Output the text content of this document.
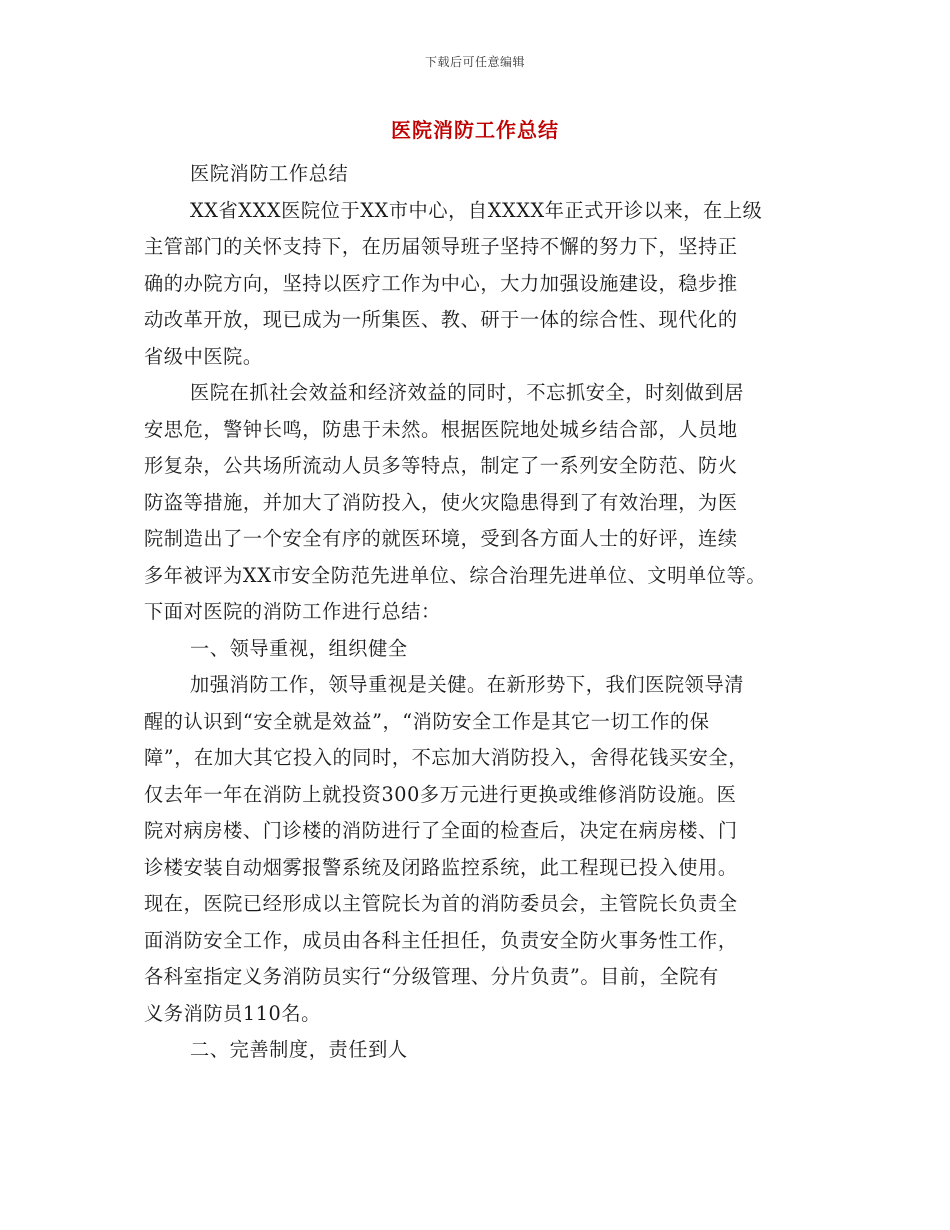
下载后可任意编辑
医院消防工作总结
医院消防工作总结
XX省XXX医院位于XX市中心，自XXXX年正式开诊以来，在上级
主管部门的关怀支持下，在历届领导班子坚持不懈的努力下，坚持正
确的办院方向，坚持以医疗工作为中心，大力加强设施建设，稳步推
动改革开放，现已成为一所集医、教、研于一体的综合性、现代化的
省级中医院。
医院在抓社会效益和经济效益的同时，不忘抓安全，时刻做到居
安思危，警钟长鸣，防患于未然。根据医院地处城乡结合部，人员地
形复杂，公共场所流动人员多等特点，制定了一系列安全防范、防火
防盗等措施，并加大了消防投入，使火灾隐患得到了有效治理，为医
院制造出了一个安全有序的就医环境，受到各方面人士的好评，连续
多年被评为XX市安全防范先进单位、综合治理先进单位、文明单位等。
下面对医院的消防工作进行总结：
一、领导重视，组织健全
加强消防工作，领导重视是关健。在新形势下，我们医院领导清
醒的认识到“安全就是效益”，“消防安全工作是其它一切工作的保
障”，在加大其它投入的同时，不忘加大消防投入，舍得花钱买安全，
仅去年一年在消防上就投资300多万元进行更换或维修消防设施。医
院对病房楼、门诊楼的消防进行了全面的检查后，决定在病房楼、门
诊楼安装自动烟雾报警系统及闭路监控系统，此工程现已投入使用。
现在，医院已经形成以主管院长为首的消防委员会，主管院长负责全
面消防安全工作，成员由各科主任担任，负责安全防火事务性工作，
各科室指定义务消防员实行“分级管理、分片负责”。目前，全院有
义务消防员110名。
二、完善制度，责任到人
